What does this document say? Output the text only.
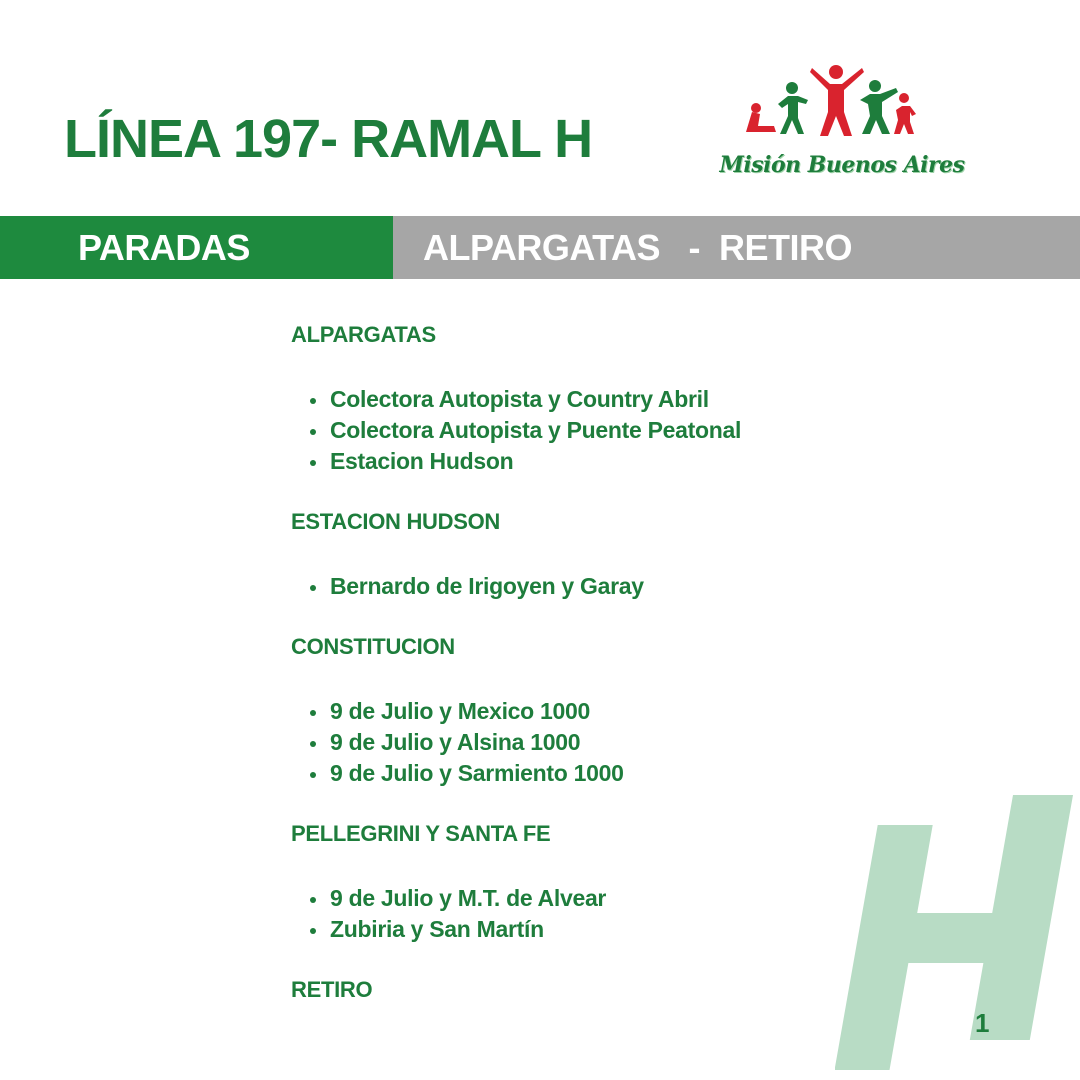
LÍNEA 197- RAMAL H	Misión Buenos Aires
PARADAS	ALPARGATAS   -  RETIRO
ALPARGATAS
Colectora Autopista y Country Abril
Colectora Autopista y Puente Peatonal
Estacion Hudson
ESTACION HUDSON
Bernardo de Irigoyen y Garay
CONSTITUCION
9 de Julio y Mexico 1000
9 de Julio y Alsina 1000
9 de Julio y Sarmiento 1000
PELLEGRINI Y SANTA FE
9 de Julio y M.T. de Alvear
Zubiria y San Martín
RETIRO
1
